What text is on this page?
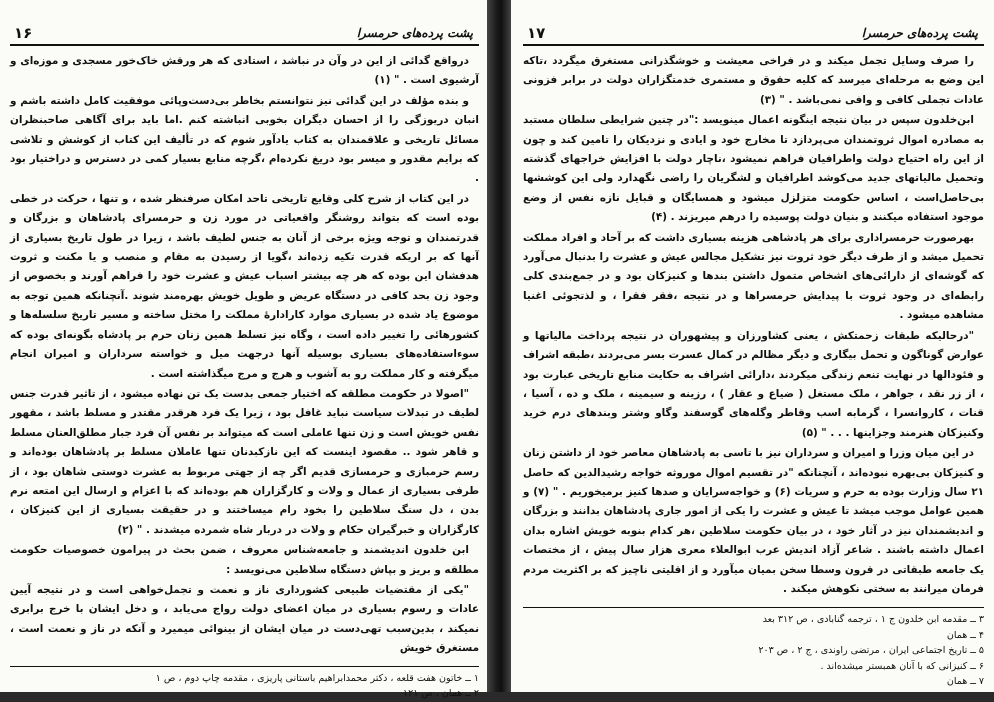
پشت پرده‌های حرمسرا
۱۶

درواقع گدائی از این در وآن در نباشد ، استادی که هر ورقش خاک‌خور مسجدی و موزه‌ای و آرشیوی است . " (۱)

و بنده مؤلف در این گدائی نیز نتوانستم بخاطر بی‌دست‌وپائی موفقیت کامل داشته باشم و انبان دریوزگی را از احسان دیگران بخوبی انباشته کنم .اما باید برای آگاهی صاحبنظران مسائل تاریخی و علاقمندان به کتاب یادآور شوم که در تألیف این کتاب از کوشش و تلاشی که برایم مقدور و میسر بود دریغ نکرده‌ام ،گرچه منابع بسیار کمی در دسترس و دراختیار بود .

در این کتاب از شرح کلی وقایع تاریخی تاحد امکان صرفنظر شده ، و تنها ، حرکت در خطی بوده است که بتواند روشنگر واقعیاتی در مورد زن و حرمسرای پادشاهان و بزرگان و قدرتمندان و توجه ویژه برخی از آنان به جنس لطیف باشد ، زیرا در طول تاریخ بسیاری از آنها که بر اریکه قدرت تکیه زده‌اند ،گویا از رسیدن به مقام و منصب و یا مکنت و ثروت هدفشان این بوده که هر چه بیشتر اسباب عیش و عشرت خود را فراهم آورند و بخصوص از وجود زن بحد کافی در دستگاه عریض و طویل خویش بهره‌مند شوند .آنچنانکه همین توجه به موضوع یاد شده در بسیاری موارد کارادارهٔ مملکت را مختل ساخته و مسیر تاریخ سلسله‌ها و کشورهائی را تغییر داده است ، وگاه نیز تسلط همین زنان حرم بر پادشاه بگونه‌ای بوده که سوءاستفاده‌های بسیاری بوسیله آنها درجهت میل و خواسته سرداران و امیران انجام میگرفته و کار مملکت رو به آشوب و هرج و مرج میگذاشته است .

"اصولا در حکومت مطلقه که اختیار جمعی بدست یک تن نهاده میشود ، از تاثیر قدرت جنس لطیف در تبدلات سیاست نباید غافل بود ، زیرا یک فرد هرقدر مقتدر و مسلط باشد ، مقهور نفس خویش است و زن تنها عاملی است که میتواند بر نفس آن فرد جبار مطلق‌العنان مسلط و قاهر شود .. مقصود اینست که این نازکبدنان تنها عاملان مسلط بر پادشاهان بوده‌اند و رسم حرمبازی و حرمسازی قدیم اگر چه از جهتی مربوط به عشرت دوستی شاهان بود ، از طرفی بسیاری از عمال و ولات و کارگزاران هم بوده‌اند که با اعزام و ارسال این امتعه نرم بدن ، دل سنگ سلاطین را بخود رام میساختند و در حقیقت بسیاری از این کنیزکان ، کارگزاران و خبرگیران حکام و ولات در دربار شاه شمرده میشدند . " (۲)

ابن خلدون اندیشمند و جامعه‌شناس معروف ، ضمن بحث در پیرامون خصوصیات حکومت مطلقه و بریز و بپاش دستگاه سلاطین می‌نویسد :

"یکی از مقتضیات طبیعی کشورداری ناز و نعمت و تجمل‌خواهی است و در نتیجه آیین عادات و رسوم بسیاری در میان اعضای دولت رواج می‌یابد ، و دخل ایشان با خرج برابری نمیکند ، بدین‌سبب تهی‌دست در میان ایشان از بینوائی میمیرد و آنکه در ناز و نعمت است ، مستغرق خویش

۱ ــ خاتون هفت قلعه ، دکتر محمدابراهیم باستانی پاریزی ، مقدمه چاپ دوم ، ص ۱
۲ ــ همان ، ص ۱۲۱
پشت پرده‌های حرمسرا
۱۷

را صرف وسایل تجمل میکند و در فراخی معیشت و خوشگذرانی مستغرق میگردد ،تاکه این وضع به مرحله‌ای میرسد که کلیه حقوق و مستمری خدمتگزاران دولت در برابر فزونی عادات تجملی کافی و وافی نمی‌باشد . " (۳)

ابن‌خلدون سپس در بیان نتیجه اینگونه اعمال مینویسد :"در چنین شرایطی سلطان مستبد به مصادره اموال ثروتمندان می‌پردازد تا مخارج خود و ایادی و نزدیکان را تامین کند و چون از این راه احتیاج دولت واطرافیان فراهم نمیشود ،ناچار دولت با افزایش خراجهای گذشته وتحمیل مالیاتهای جدید می‌کوشد اطرافیان و لشگریان را راضی نگهدارد ولی این کوششها بی‌حاصل‌است ، اساس حکومت متزلزل میشود و همسایگان و قبایل نازه نفس از وضع موجود استفاده میکنند و بنیان دولت پوسیده را درهم میریزند . (۴)

بهرصورت حرمسراداری برای هر پادشاهی هزینه بسیاری داشت که بر آحاد و افراد مملکت تحمیل میشد و از طرف دیگر خود ثروت نیز تشکیل مجالس عیش و عشرت را بدنبال می‌آورد که گوشه‌ای از دارائی‌های اشخاص متمول داشتن بندها و کنیزکان بود و در جمع‌بندی کلی رابطه‌ای در وجود ثروت با پیدایش حرمسراها و در نتیجه ،فقر فقرا ، و لذتجوئی اغنیا مشاهده میشود .

"درحالیکه طبقات زحمتکش ، یعنی کشاورزان و پیشهوران در نتیجه پرداخت مالیاتها و عوارض گوناگون و تحمل بیگاری و دیگر مظالم در کمال عسرت بسر می‌بردند ،طبقه اشراف و فئودالها در نهایت تنعم زندگی میکردند ،دارائی اشراف به حکایت منابع تاریخی عبارت بود ، از زر نقد ، جواهر ، ملک مستغل ( ضیاع و عقار ) ، رزینه و سیمینه ، ملک و ده ، آسیا ، قنات ، کاروانسرا ، گرمابه اسب وقاطر وگله‌های گوسفند وگاو وشتر وبندهای درم خرید وکنیزکان هنرمند وجزاینها . . . " (۵)

در این میان وزرا و امیران و سرداران نیز با تاسی به پادشاهان معاصر خود از داشتن زنان و کنیزکان بی‌بهره نبوده‌اند ، آنچنانکه "در تقسیم اموال موروثه خواجه رشیدالدین که حاصل ۲۱ سال وزارت بوده به حرم و سریات (۶) و خواجه‌سرایان و صدها کنیز برمیخوریم . " (۷) و همین عوامل موجب میشد تا عیش و عشرت را یکی از امور جاری پادشاهان بدانند و بزرگان و اندیشمندان نیز در آثار خود ، در بیان حکومت سلاطین ،هر کدام بنوبه خویش اشاره بدان اعمال داشته باشند . شاعر آزاد اندیش عرب ابوالعلاء معری هزار سال پیش ، از مختصات یک جامعه طبقاتی در قرون وسطا سخن بمیان میآورد و از اقلیتی ناچیز که بر اکثریت مردم فرمان میرانند به سختی نکوهش میکند .

۳ ــ مقدمه ابن خلدون ج ۱ ، ترجمه گنابادی ، ص ۳۱۲ بعد
۴ ــ همان
۵ ــ تاریخ اجتماعی ایران ، مرتضی راوندی ، ج ۲ ، ص ۲۰۳
۶ ــ کنیزانی که با آنان همبستر میشده‌اند .
۷ ــ همان
